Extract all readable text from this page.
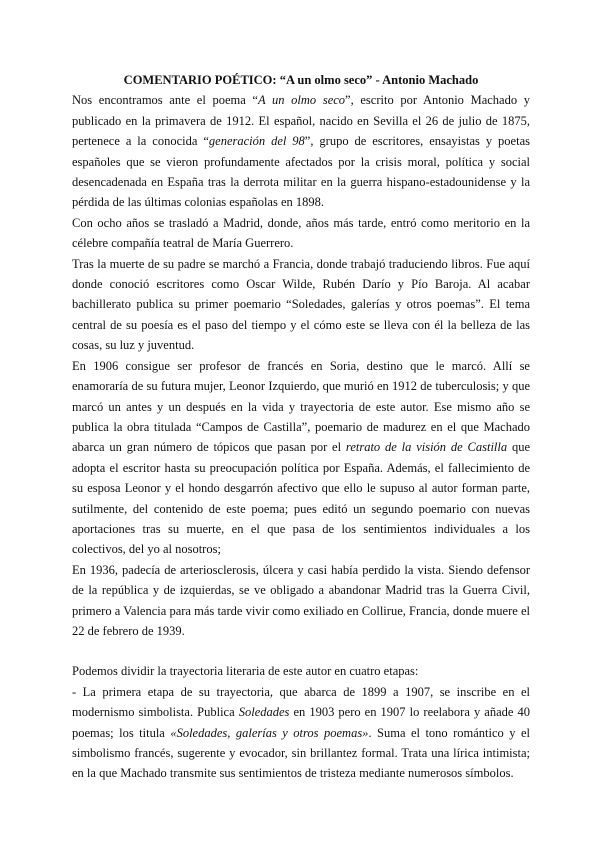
COMENTARIO POÉTICO: “A un olmo seco” - Antonio Machado

Nos encontramos ante el poema “A un olmo seco”, escrito por Antonio Machado y publicado en la primavera de 1912. El español, nacido en Sevilla el 26 de julio de 1875, pertenece a la conocida “generación del 98”, grupo de escritores, ensayistas y poetas españoles que se vieron profundamente afectados por la crisis moral, política y social desencadenada en España tras la derrota militar en la guerra hispano-estadounidense y la pérdida de las últimas colonias españolas en 1898.

Con ocho años se trasladó a Madrid, donde, años más tarde, entró como meritorio en la célebre compañía teatral de María Guerrero.

Tras la muerte de su padre se marchó a Francia, donde trabajó traduciendo libros. Fue aquí donde conoció escritores como Oscar Wilde, Rubén Darío y Pío Baroja. Al acabar bachillerato publica su primer poemario “Soledades, galerías y otros poemas”. El tema central de su poesía es el paso del tiempo y el cómo este se lleva con él la belleza de las cosas, su luz y juventud.

En 1906 consigue ser profesor de francés en Soria, destino que le marcó. Allí se enamoraría de su futura mujer, Leonor Izquierdo, que murió en 1912 de tuberculosis; y que marcó un antes y un después en la vida y trayectoria de este autor. Ese mismo año se publica la obra titulada “Campos de Castilla”, poemario de madurez en el que Machado abarca un gran número de tópicos que pasan por el retrato de la visión de Castilla que adopta el escritor hasta su preocupación política por España. Además, el fallecimiento de su esposa Leonor y el hondo desgarrón afectivo que ello le supuso al autor forman parte, sutilmente, del contenido de este poema; pues editó un segundo poemario con nuevas aportaciones tras su muerte, en el que pasa de los sentimientos individuales a los colectivos, del yo al nosotros;

En 1936, padecía de arteriosclerosis, úlcera y casi había perdido la vista. Siendo defensor de la república y de izquierdas, se ve obligado a abandonar Madrid tras la Guerra Civil, primero a Valencia para más tarde vivir como exiliado en Collirue, Francia, donde muere el 22 de febrero de 1939.

Podemos dividir la trayectoria literaria de este autor en cuatro etapas:

- La primera etapa de su trayectoria, que abarca de 1899 a 1907, se inscribe en el modernismo simbolista. Publica Soledades en 1903 pero en 1907 lo reelabora y añade 40 poemas; los titula «Soledades, galerías y otros poemas». Suma el tono romántico y el simbolismo francés, sugerente y evocador, sin brillantez formal. Trata una lírica intimista; en la que Machado transmite sus sentimientos de tristeza mediante numerosos símbolos.
